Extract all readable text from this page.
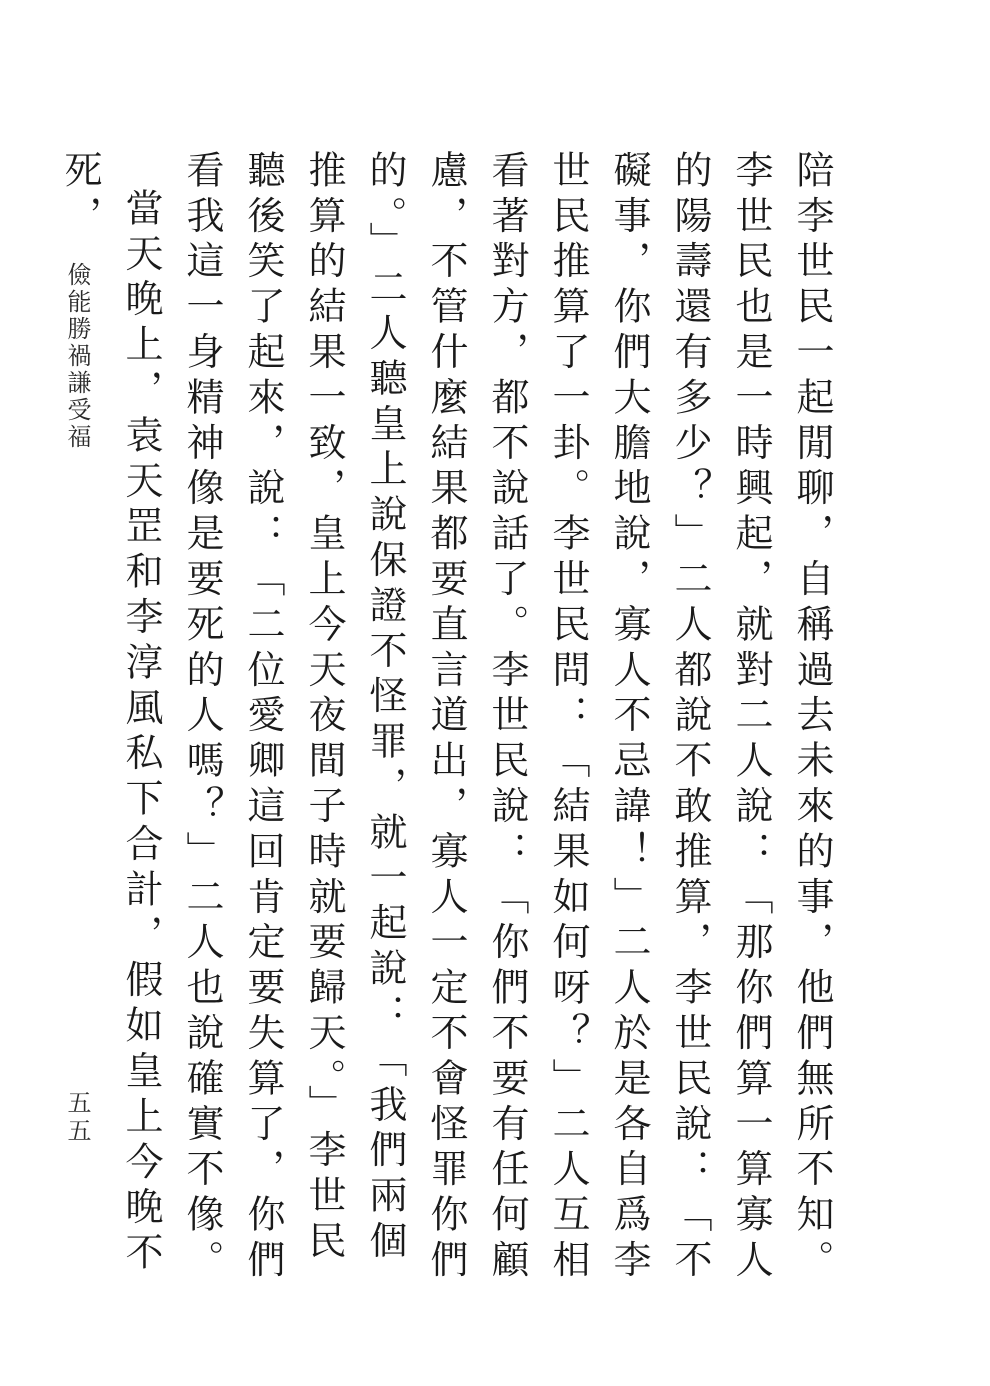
儉能勝禍謙受福	陪李世民一起閒聊，自稱過去未來的事，他們無所不知。李世民也是一時興起，就對二人說：「那你們算一算寡人的陽壽還有多少？」二人都說不敢推算，李世民說：「不礙事，你們大膽地說，寡人不忌諱！」二人於是各自爲李世民推算了一卦。李世民問：「結果如何呀？」二人互相看著對方，都不說話了。李世民說：「你們不要有任何顧慮，不管什麼結果都要直言道出，寡人一定不會怪罪你們的。」二人聽皇上說保證不怪罪，就一起說：「我們兩個推算的結果一致，皇上今天夜間子時就要歸天。」李世民聽後笑了起來，說：「二位愛卿這回肯定要失算了，你們看我這一身精神像是要死的人嗎？」二人也說確實不像。

當天晚上，袁天罡和李淳風私下合計，假如皇上今晚不死，

五五
